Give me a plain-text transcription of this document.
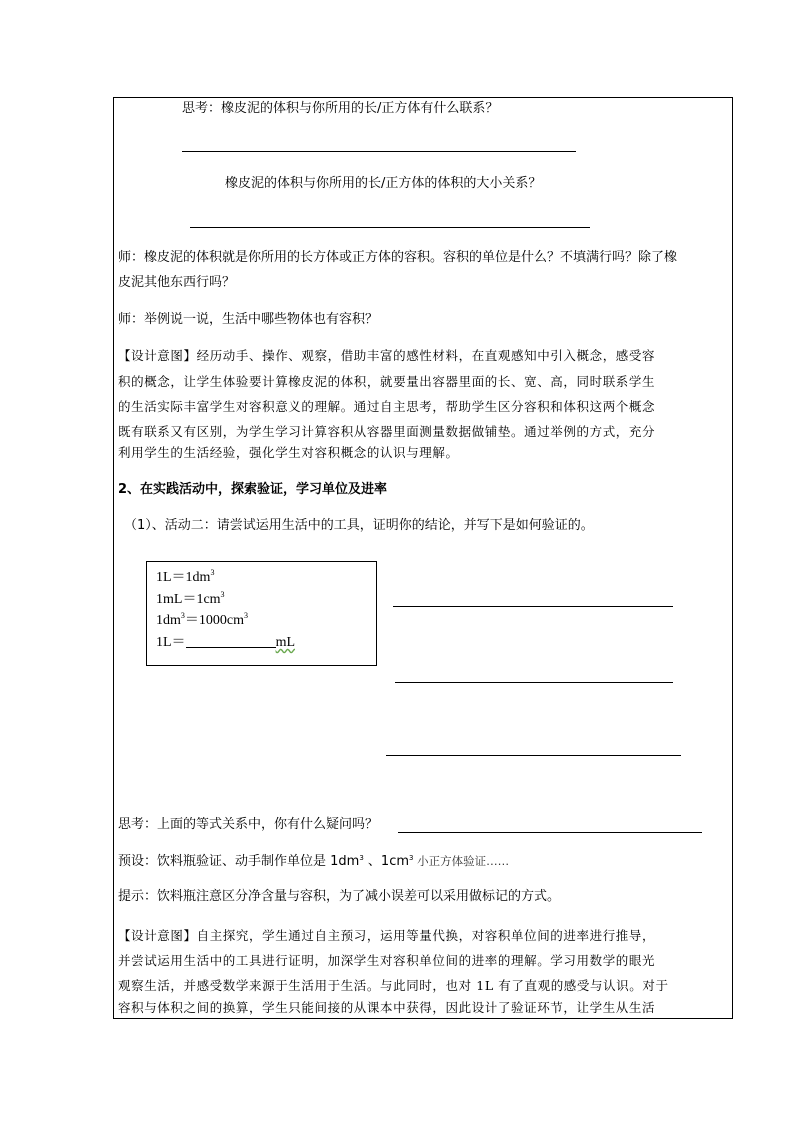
思考：橡皮泥的体积与你所用的长/正方体有什么联系？
橡皮泥的体积与你所用的长/正方体的体积的大小关系？
师：橡皮泥的体积就是你所用的长方体或正方体的容积。容积的单位是什么？不填满行吗？除了橡
皮泥其他东西行吗？
师：举例说一说，生活中哪些物体也有容积？
【设计意图】经历动手、操作、观察，借助丰富的感性材料，在直观感知中引入概念，感受容
积的概念，让学生体验要计算橡皮泥的体积，就要量出容器里面的长、宽、高，同时联系学生
的生活实际丰富学生对容积意义的理解。通过自主思考，帮助学生区分容积和体积这两个概念
既有联系又有区别，为学生学习计算容积从容器里面测量数据做铺垫。通过举例的方式，充分
利用学生的生活经验，强化学生对容积概念的认识与理解。
2、在实践活动中，探索验证，学习单位及进率
（1）、活动二：请尝试运用生活中的工具，证明你的结论，并写下是如何验证的。
$1L=1dm^3$
$1mL=1cm^3$
$1dm^3=1000cm^3$
1L＝	mL
思考：上面的等式关系中，你有什么疑问吗？
预设：饮料瓶验证、动手制作单位是 $1dm^3$ 、$1cm^3$ 小正方体验证……
提示：饮料瓶注意区分净含量与容积，为了减小误差可以采用做标记的方式。
【设计意图】自主探究，学生通过自主预习，运用等量代换，对容积单位间的进率进行推导，
并尝试运用生活中的工具进行证明，加深学生对容积单位间的进率的理解。学习用数学的眼光
观察生活，并感受数学来源于生活用于生活。与此同时，也对 1L 有了直观的感受与认识。对于
容积与体积之间的换算，学生只能间接的从课本中获得，因此设计了验证环节，让学生从生活
